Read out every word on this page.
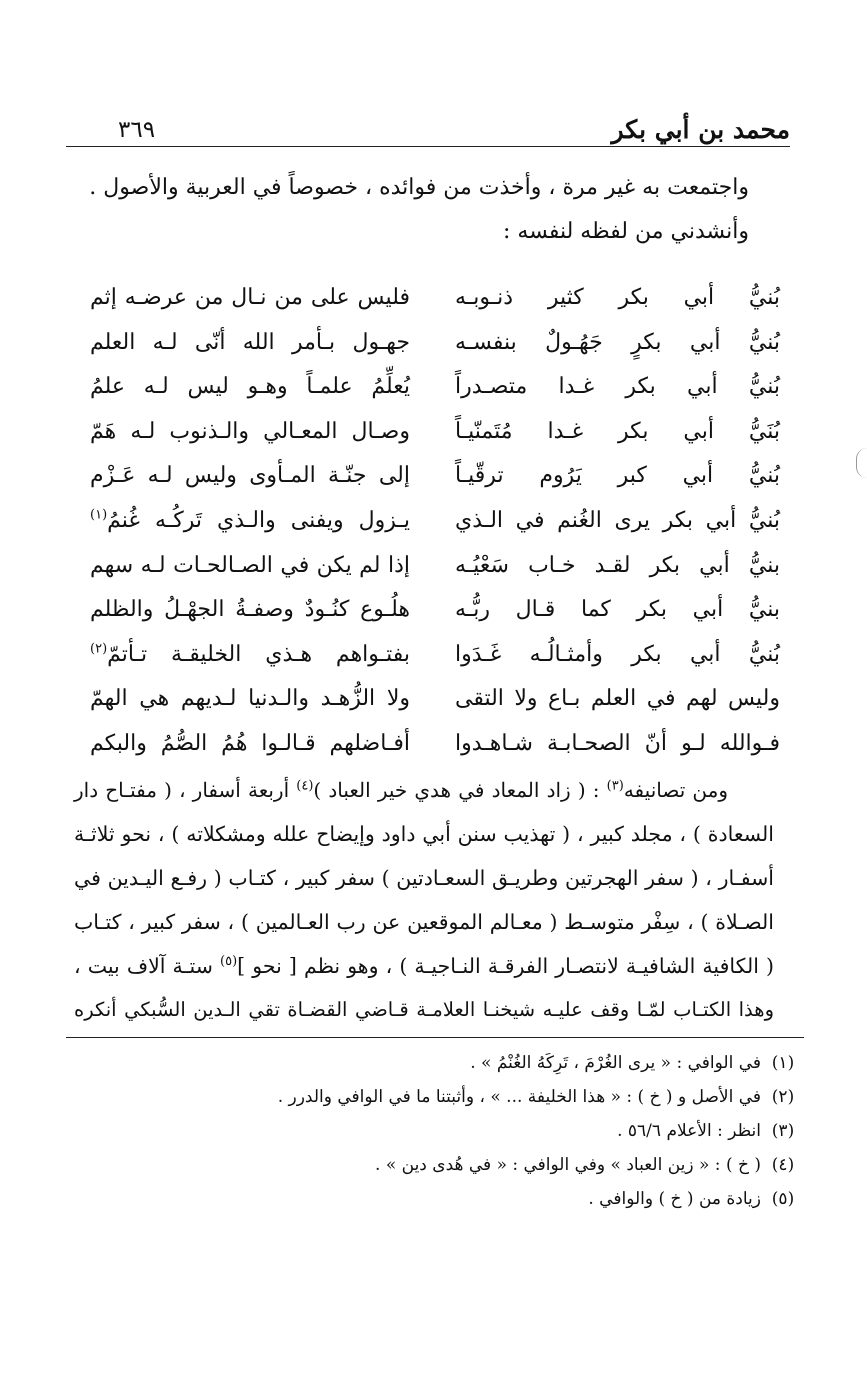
محمد بن أبي بكر
٣٦٩
واجتمعت به غير مرة ، وأخذت من فوائده ، خصوصاً في العربية والأصول .
وأنشدني من لفظه لنفسه :
بُنيُّ أبي بكر كثير ذنـوبـه
فليس على من نـال من عرضـه إثم
بُنيُّ أبي بكرٍ جَهُـولٌ بنفسـه
جهـول بـأمر الله أنّى لـه العلم
بُنيُّ أبي بكر غـدا متصـدراً
يُعلِّمُ علمـاً وهـو ليس لـه علمُ
بُنَيُّ أبي بكر غـدا مُتَمنّيـاً
وصـال المعـالي والـذنوب لـه هَمّ
بُنيُّ أبي كبر يَرُوم ترقّيـاً
إلى جنّـة المـأوى وليس لـه عَـزْم
بُنيُّ أبي بكر يرى الغُنم في الـذي
يـزول ويفنى والـذي تَركُـه غُنمُ$^{(١)}$
بنيُّ أبي بكر لقـد خـاب سَعْيُـه
إذا لم يكن في الصـالحـات لـه سهم
بنيُّ أبي بكر كما قـال ربُّـه
هلُـوع كنُـودٌ وصفـةُ الجهْـلُ والظلم
بُنيُّ أبي بكر وأمثـالُـه غَـدَوا
بفتـواهم هـذي الخليقـة تـأتمّ$^{(٢)}$
وليس لهم في العلم بـاع ولا التقى
ولا الزُّهـد والـدنيا لـديهم هي الهمّ
فـوالله لـو أنّ الصحـابـة شـاهـدوا
أفـاضلهم قـالـوا هُمُ الصُّمُ والبكم
ومن تصانيفه$^{(٣)}$ : ( زاد المعاد في هدي خير العباد )$^{(٤)}$ أربعة أسفار ، ( مفتـاح دار
السعادة ) ، مجلد كبير ، ( تهذيب سنن أبي داود وإيضاح علله ومشكلاته ) ، نحو ثلاثـة
أسفـار ، ( سفر الهجرتين وطريـق السعـادتين ) سفر كبير ، كتـاب ( رفـع اليـدين في
الصـلاة ) ، سِفْر متوسـط ( معـالم الموقعين عن رب العـالمين ) ، سفر كبير ، كتـاب
( الكافية الشافيـة لانتصـار الفرقـة النـاجيـة ) ، وهو نظم [ نحو ]$^{(٥)}$ ستـة آلاف بيت ،
وهذا الكتـاب لمّـا وقف عليـه شيخنـا العلامـة قـاضي القضـاة تقي الـدين السُّبكي أنكره
(١)في الوافي : « يرى الغُرْمَ ، تَرِكَهُ الغُنْمُ » .
(٢)في الأصل و ( خ ) : « هذا الخليفة ... » ، وأثبتنا ما في الوافي والدرر .
(٣)انظر : الأعلام ٥٦/٦ .
(٤)( خ ) : « زين العباد » وفي الوافي : « في هُدى دين » .
(٥)زيادة من ( خ ) والوافي .
